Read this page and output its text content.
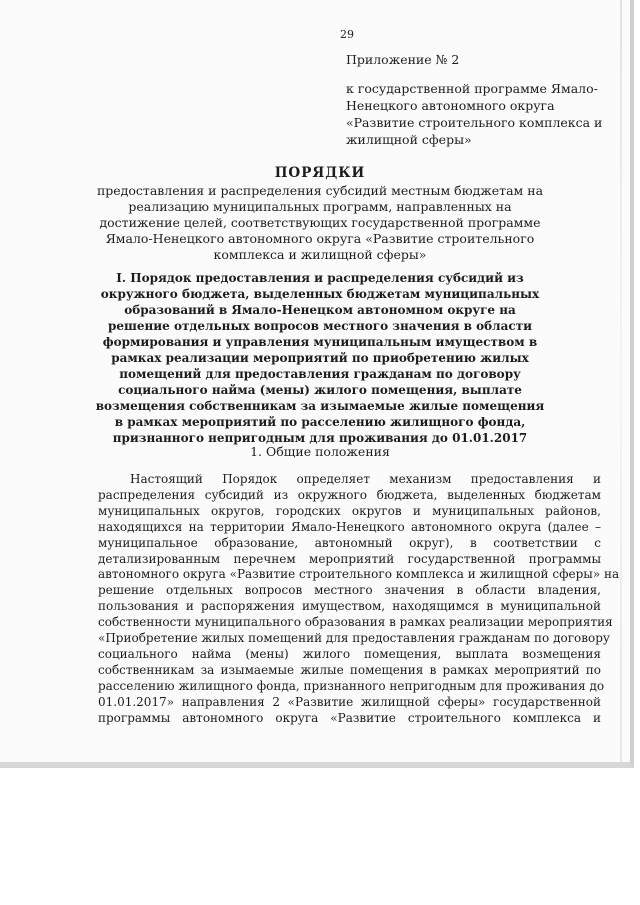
29
Приложение № 2
к государственной программе Ямало-Ненецкого автономного округа «Развитие строительного комплекса и жилищной сферы»
ПОРЯДКИ
предоставления и распределения субсидий местным бюджетам на реализацию муниципальных программ, направленных на достижение целей, соответствующих государственной программе Ямало-Ненецкого автономного округа «Развитие строительного комплекса и жилищной сферы»
I. Порядок предоставления и распределения субсидий из окружного бюджета, выделенных бюджетам муниципальных образований в Ямало-Ненецком автономном округе на решение отдельных вопросов местного значения в области формирования и управления муниципальным имуществом в рамках реализации мероприятий по приобретению жилых помещений для предоставления гражданам по договору социального найма (мены) жилого помещения, выплате возмещения собственникам за изымаемые жилые помещения в рамках мероприятий по расселению жилищного фонда, признанного непригодным для проживания до 01.01.2017
1. Общие положения
Настоящий Порядок определяет механизм предоставления и
распределения субсидий из окружного бюджета, выделенных бюджетам
муниципальных округов, городских округов и муниципальных районов,
находящихся на территории Ямало-Ненецкого автономного округа (далее –
муниципальное образование, автономный округ), в соответствии с
детализированным перечнем мероприятий государственной программы
автономного округа «Развитие строительного комплекса и жилищной сферы» на
решение отдельных вопросов местного значения в области владения,
пользования и распоряжения имуществом, находящимся в муниципальной
собственности муниципального образования в рамках реализации мероприятия
«Приобретение жилых помещений для предоставления гражданам по договору
социального найма (мены) жилого помещения, выплата возмещения
собственникам за изымаемые жилые помещения в рамках мероприятий по
расселению жилищного фонда, признанного непригодным для проживания до
01.01.2017» направления 2 «Развитие жилищной сферы» государственной
программы автономного округа «Развитие строительного комплекса и
